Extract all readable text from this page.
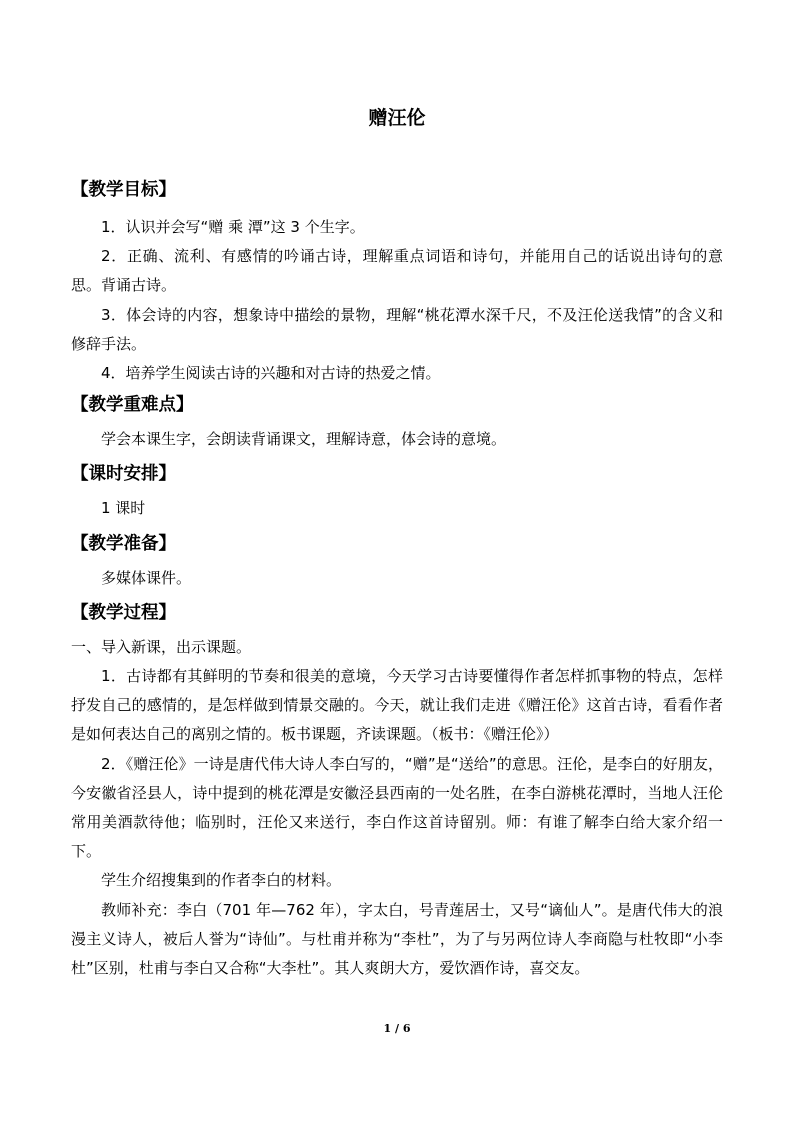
赠汪伦
【教学目标】

1．认识并会写“赠 乘 潭”这 3 个生字。

2．正确、流利、有感情的吟诵古诗，理解重点词语和诗句，并能用自己的话说出诗句的意思。背诵古诗。

3．体会诗的内容，想象诗中描绘的景物，理解“桃花潭水深千尺，不及汪伦送我情”的含义和修辞手法。

4．培养学生阅读古诗的兴趣和对古诗的热爱之情。

【教学重难点】

学会本课生字，会朗读背诵课文，理解诗意，体会诗的意境。

【课时安排】

1 课时

【教学准备】

多媒体课件。

【教学过程】

一、导入新课，出示课题。

1．古诗都有其鲜明的节奏和很美的意境，今天学习古诗要懂得作者怎样抓事物的特点，怎样抒发自己的感情的，是怎样做到情景交融的。今天，就让我们走进《赠汪伦》这首古诗，看看作者是如何表达自己的离别之情的。板书课题，齐读课题。（板书：《赠汪伦》）

2．《赠汪伦》一诗是唐代伟大诗人李白写的，“赠”是“送给”的意思。汪伦，是李白的好朋友，今安徽省泾县人，诗中提到的桃花潭是安徽泾县西南的一处名胜，在李白游桃花潭时，当地人汪伦常用美酒款待他；临别时，汪伦又来送行，李白作这首诗留别。师：有谁了解李白给大家介绍一下。

学生介绍搜集到的作者李白的材料。

教师补充：李白（701 年—762 年），字太白，号青莲居士，又号“谪仙人”。是唐代伟大的浪漫主义诗人，被后人誉为“诗仙”。与杜甫并称为“李杜”，为了与另两位诗人李商隐与杜牧即“小李杜”区别，杜甫与李白又合称“大李杜”。其人爽朗大方，爱饮酒作诗，喜交友。

1 / 6
